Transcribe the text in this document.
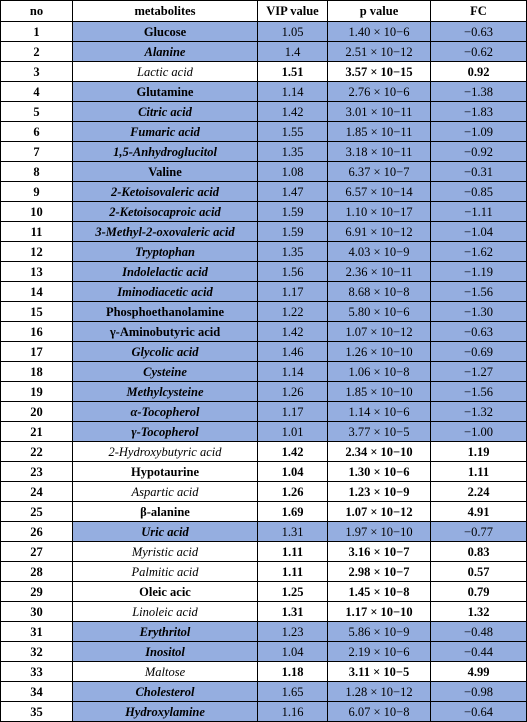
no	metabolites	VIP value	p value	FC
1	Glucose	1.05	1.40 × 10−6	−0.63
2	Alanine	1.4	2.51 × 10−12	−0.62
3	Lactic acid	1.51	3.57 × 10−15	0.92
4	Glutamine	1.14	2.76 × 10−6	−1.38
5	Citric acid	1.42	3.01 × 10−11	−1.83
6	Fumaric acid	1.55	1.85 × 10−11	−1.09
7	1,5-Anhydroglucitol	1.35	3.18 × 10−11	−0.92
8	Valine	1.08	6.37 × 10−7	−0.31
9	2-Ketoisovaleric acid	1.47	6.57 × 10−14	−0.85
10	2-Ketoisocaproic acid	1.59	1.10 × 10−17	−1.11
11	3-Methyl-2-oxovaleric acid	1.59	6.91 × 10−12	−1.04
12	Tryptophan	1.35	4.03 × 10−9	−1.62
13	Indolelactic acid	1.56	2.36 × 10−11	−1.19
14	Iminodiacetic acid	1.17	8.68 × 10−8	−1.56
15	Phosphoethanolamine	1.22	5.80 × 10−6	−1.30
16	γ-Aminobutyric acid	1.42	1.07 × 10−12	−0.63
17	Glycolic acid	1.46	1.26 × 10−10	−0.69
18	Cysteine	1.14	1.06 × 10−8	−1.27
19	Methylcysteine	1.26	1.85 × 10−10	−1.56
20	α-Tocopherol	1.17	1.14 × 10−6	−1.32
21	γ-Tocopherol	1.01	3.77 × 10−5	−1.00
22	2-Hydroxybutyric acid	1.42	2.34 × 10−10	1.19
23	Hypotaurine	1.04	1.30 × 10−6	1.11
24	Aspartic acid	1.26	1.23 × 10−9	2.24
25	β-alanine	1.69	1.07 × 10−12	4.91
26	Uric acid	1.31	1.97 × 10−10	−0.77
27	Myristic acid	1.11	3.16 × 10−7	0.83
28	Palmitic acid	1.11	2.98 × 10−7	0.57
29	Oleic acic	1.25	1.45 × 10−8	0.79
30	Linoleic acid	1.31	1.17 × 10−10	1.32
31	Erythritol	1.23	5.86 × 10−9	−0.48
32	Inositol	1.04	2.19 × 10−6	−0.44
33	Maltose	1.18	3.11 × 10−5	4.99
34	Cholesterol	1.65	1.28 × 10−12	−0.98
35	Hydroxylamine	1.16	6.07 × 10−8	−0.64
